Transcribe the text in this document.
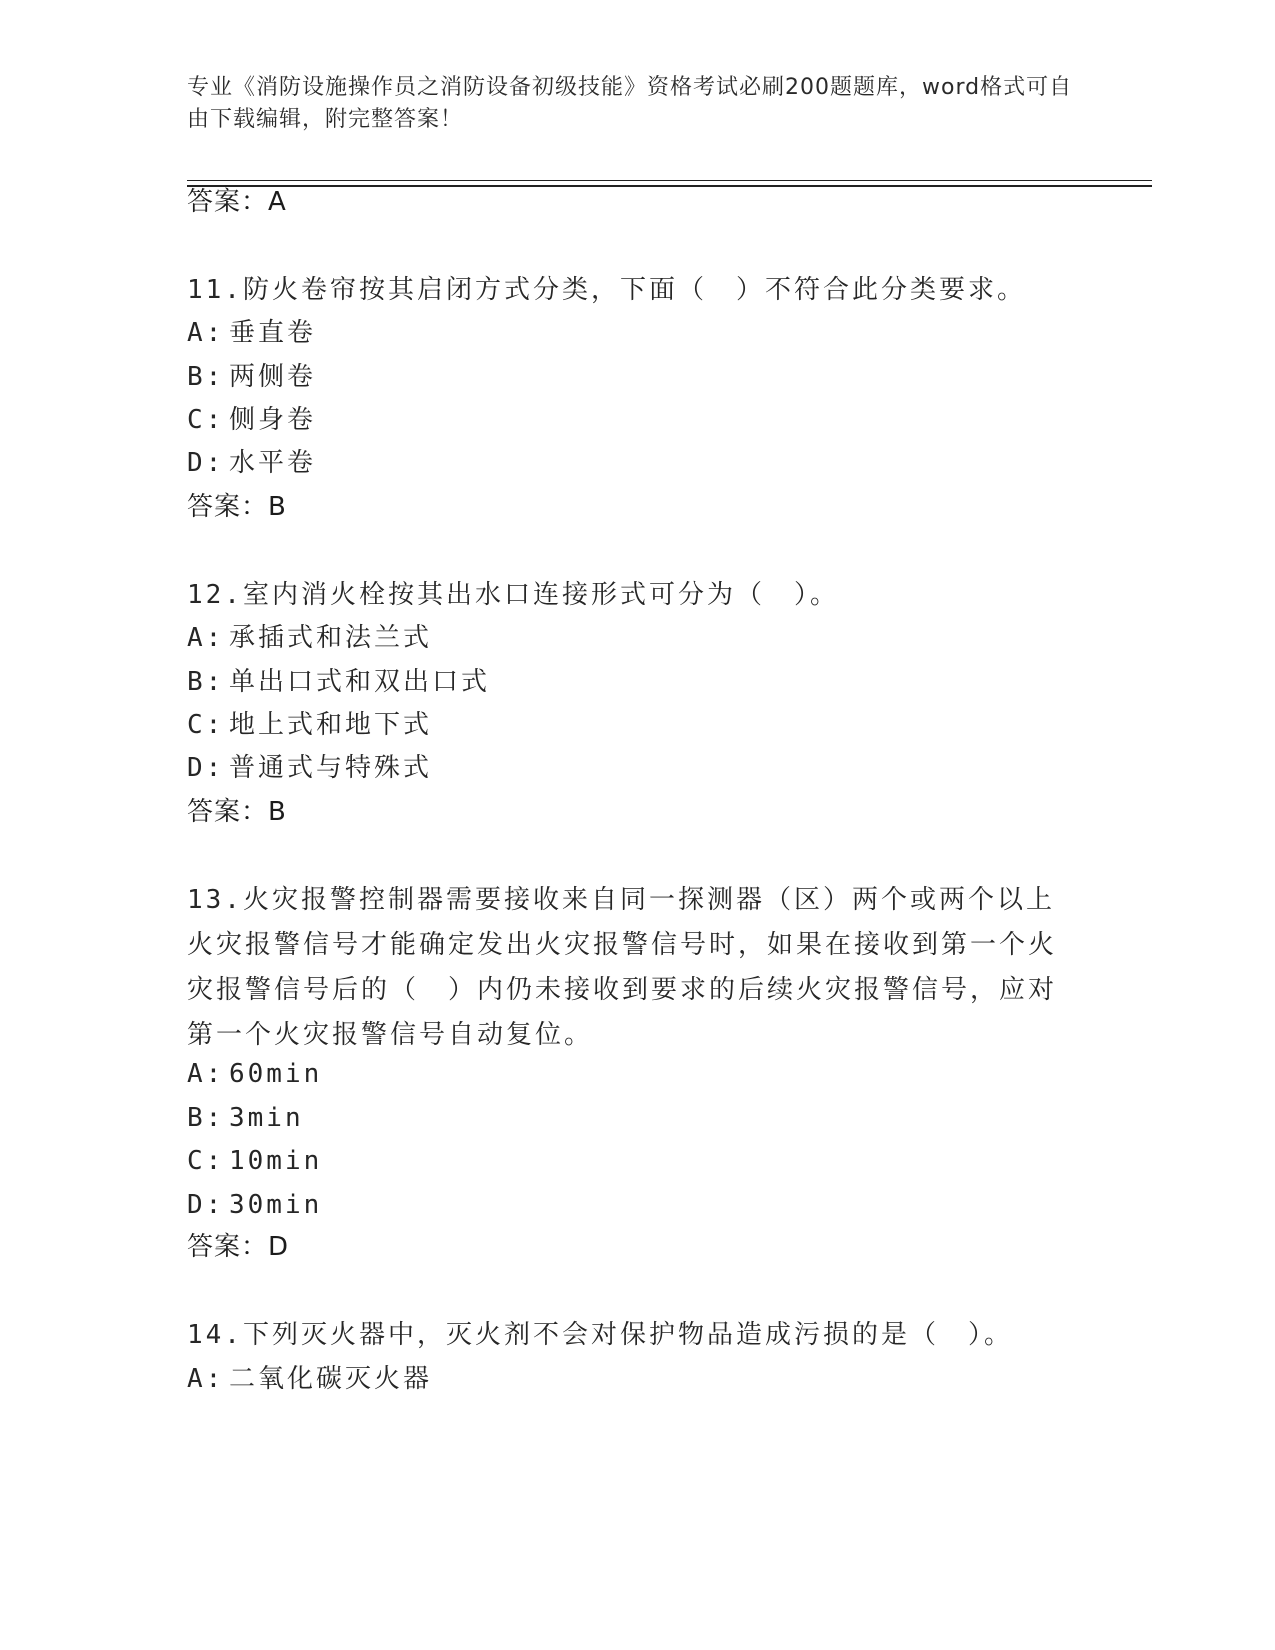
专业《消防设施操作员之消防设备初级技能》资格考试必刷200题题库，word格式可自由下载编辑，附完整答案！
答案：A
11.防火卷帘按其启闭方式分类，下面（　）不符合此分类要求。
A: 垂直卷
B: 两侧卷
C: 侧身卷
D: 水平卷
答案：B
12.室内消火栓按其出水口连接形式可分为（　）。
A: 承插式和法兰式
B: 单出口式和双出口式
C: 地上式和地下式
D: 普通式与特殊式
答案：B
13.火灾报警控制器需要接收来自同一探测器（区）两个或两个以上火灾报警信号才能确定发出火灾报警信号时，如果在接收到第一个火灾报警信号后的（　）内仍未接收到要求的后续火灾报警信号，应对第一个火灾报警信号自动复位。
A: 60min
B: 3min
C: 10min
D: 30min
答案：D
14.下列灭火器中，灭火剂不会对保护物品造成污损的是（　）。
A: 二氧化碳灭火器
